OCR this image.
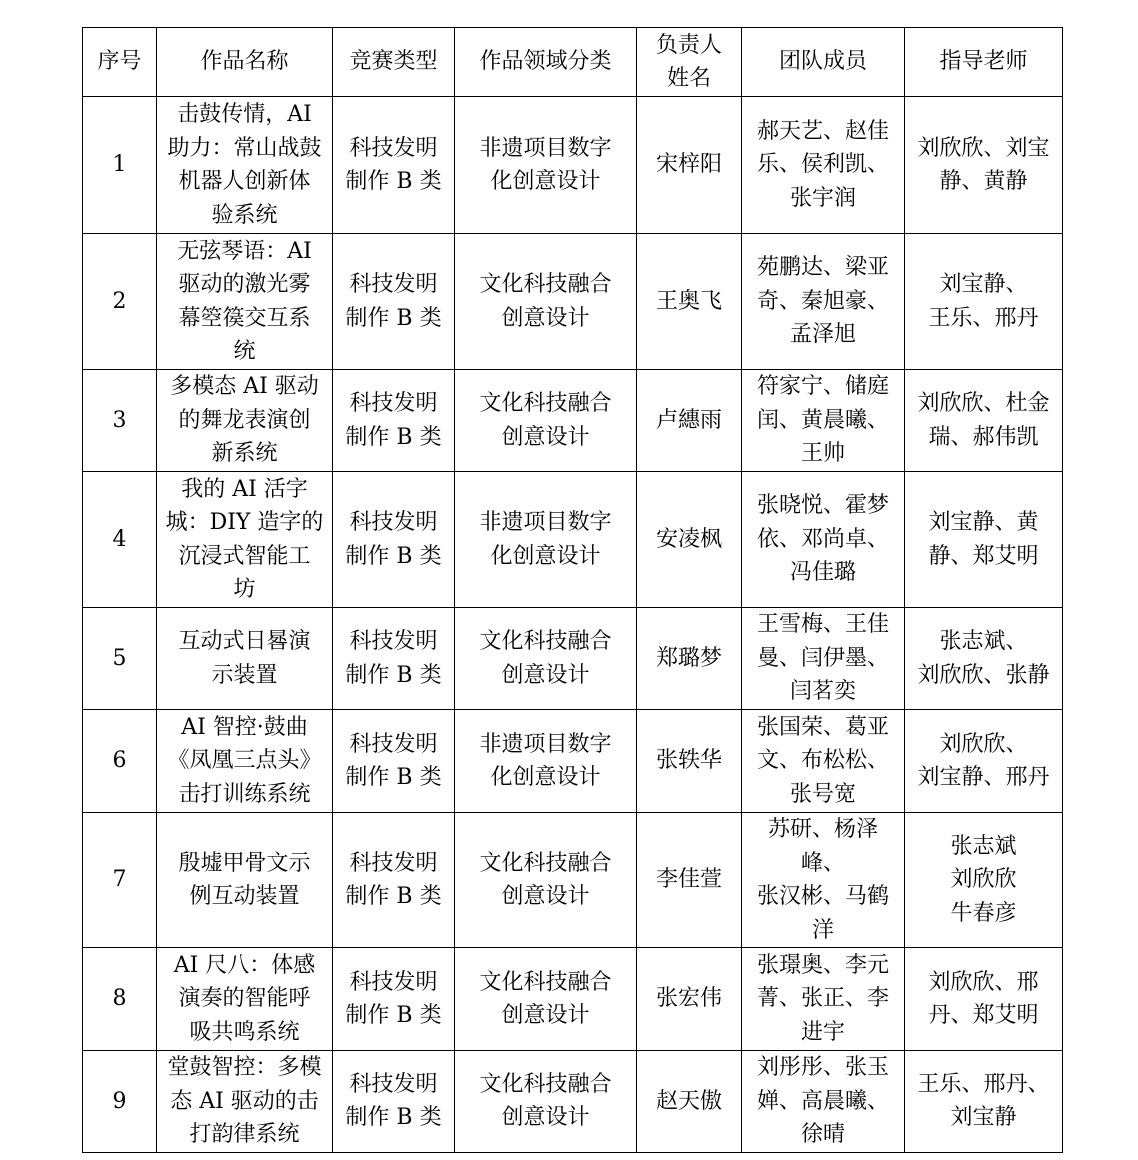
序号	作品名称	竞赛类型	作品领域分类	负责人
姓名	团队成员	指导老师
1	击鼓传情，AI
助力：常山战鼓
机器人创新体
验系统	科技发明
制作 B 类	非遗项目数字
化创意设计	宋梓阳	郝天艺、赵佳
乐、侯利凯、
张宇润	刘欣欣、刘宝
静、黄静
2	无弦琴语：AI
驱动的激光雾
幕箜篌交互系
统	科技发明
制作 B 类	文化科技融合
创意设计	王奥飞	苑鹏达、梁亚
奇、秦旭豪、
孟泽旭	刘宝静、
王乐、邢丹
3	多模态 AI 驱动
的舞龙表演创
新系统	科技发明
制作 B 类	文化科技融合
创意设计	卢繐雨	符家宁、储庭
闰、黄晨曦、
王帅	刘欣欣、杜金
瑞、郝伟凯
4	我的 AI 活字
城：DIY 造字的
沉浸式智能工
坊	科技发明
制作 B 类	非遗项目数字
化创意设计	安凌枫	张晓悦、霍梦
依、邓尚卓、
冯佳璐	刘宝静、黄
静、郑艾明
5	互动式日晷演
示装置	科技发明
制作 B 类	文化科技融合
创意设计	郑璐梦	王雪梅、王佳
曼、闫伊墨、
闫茗奕	张志斌、
刘欣欣、张静
6	AI 智控·鼓曲
《凤凰三点头》
击打训练系统	科技发明
制作 B 类	非遗项目数字
化创意设计	张轶华	张国荣、葛亚
文、布松松、
张号宽	刘欣欣、
刘宝静、邢丹
7	殷墟甲骨文示
例互动装置	科技发明
制作 B 类	文化科技融合
创意设计	李佳萱	苏研、杨泽峰、
张汉彬、马鹤
洋	张志斌
刘欣欣
牛春彦
8	AI 尺八：体感
演奏的智能呼
吸共鸣系统	科技发明
制作 B 类	文化科技融合
创意设计	张宏伟	张璟奥、李元
菁、张正、李
进宇	刘欣欣、邢
丹、郑艾明
9	堂鼓智控：多模
态 AI 驱动的击
打韵律系统	科技发明
制作 B 类	文化科技融合
创意设计	赵天傲	刘彤彤、张玉
婵、高晨曦、
徐晴	王乐、邢丹、
刘宝静
